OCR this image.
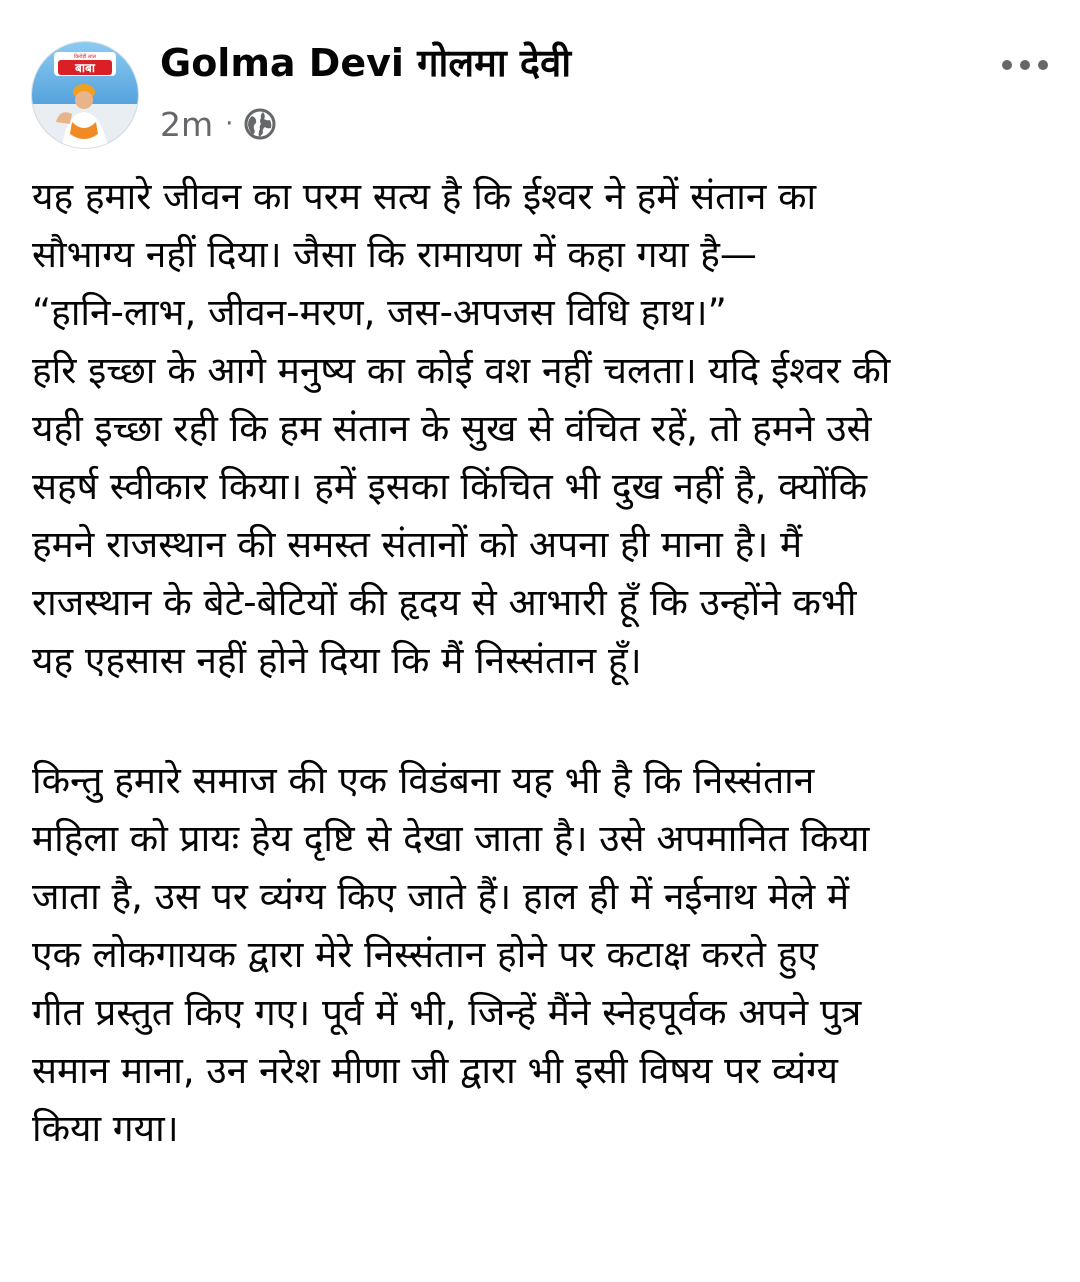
बाबा
किरोड़ी लाल Golma Devi गोलमा देवी
2m ·
यह हमारे जीवन का परम सत्य है कि ईश्वर ने हमें संतान का
सौभाग्य नहीं दिया। जैसा कि रामायण में कहा गया है—
“हानि-लाभ, जीवन-मरण, जस-अपजस विधि हाथ।”
हरि इच्छा के आगे मनुष्य का कोई वश नहीं चलता। यदि ईश्वर की
यही इच्छा रही कि हम संतान के सुख से वंचित रहें, तो हमने उसे
सहर्ष स्वीकार किया। हमें इसका किंचित भी दुख नहीं है, क्योंकि
हमने राजस्थान की समस्त संतानों को अपना ही माना है। मैं
राजस्थान के बेटे-बेटियों की हृदय से आभारी हूँ कि उन्होंने कभी
यह एहसास नहीं होने दिया कि मैं निस्संतान हूँ।
किन्तु हमारे समाज की एक विडंबना यह भी है कि निस्संतान
महिला को प्रायः हेय दृष्टि से देखा जाता है। उसे अपमानित किया
जाता है, उस पर व्यंग्य किए जाते हैं। हाल ही में नईनाथ मेले में
एक लोकगायक द्वारा मेरे निस्संतान होने पर कटाक्ष करते हुए
गीत प्रस्तुत किए गए। पूर्व में भी, जिन्हें मैंने स्नेहपूर्वक अपने पुत्र
समान माना, उन नरेश मीणा जी द्वारा भी इसी विषय पर व्यंग्य
किया गया।
